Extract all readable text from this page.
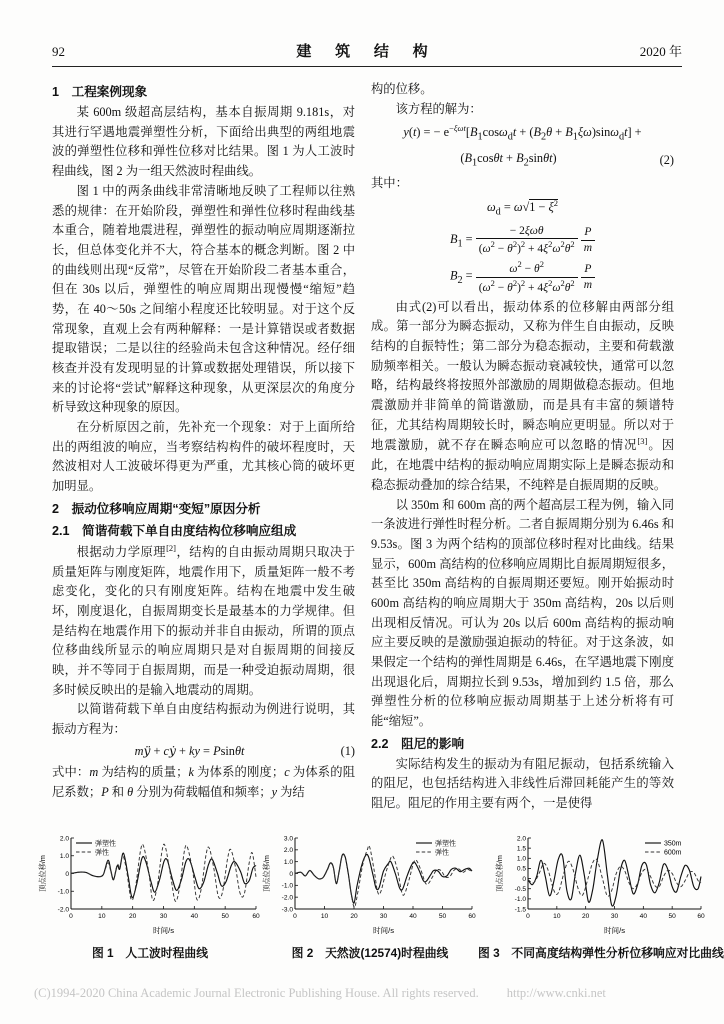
92	建 筑 结 构	2020 年
1　工程案例现象

某 600m 级超高层结构，基本自振周期 9.181s，对其进行罕遇地震弹塑性分析，下面给出典型的两组地震波的弹塑性位移和弹性位移对比结果。图 1 为人工波时程曲线，图 2 为一组天然波时程曲线。

图 1 中的两条曲线非常清晰地反映了工程师以往熟悉的规律：在开始阶段，弹塑性和弹性位移时程曲线基本重合，随着地震进程，弹塑性的振动响应周期逐渐拉长，但总体变化并不大，符合基本的概念判断。图 2 中的曲线则出现“反常”，尽管在开始阶段二者基本重合，但在 30s 以后，弹塑性的响应周期出现慢慢“缩短”趋势，在 40～50s 之间缩小程度还比较明显。对于这个反常现象，直观上会有两种解释：一是计算错误或者数据提取错误；二是以往的经验尚未包含这种情况。经仔细核查并没有发现明显的计算或数据处理错误，所以接下来的讨论将“尝试”解释这种现象，从更深层次的角度分析导致这种现象的原因。

在分析原因之前，先补充一个现象：对于上面所给出的两组波的响应，当考察结构构件的破坏程度时，天然波相对人工波破坏得更为严重，尤其核心筒的破坏更加明显。

2　振动位移响应周期“变短”原因分析
2.1　简谐荷载下单自由度结构位移响应组成

根据动力学原理[2]，结构的自由振动周期只取决于质量矩阵与刚度矩阵，地震作用下，质量矩阵一般不考虑变化，变化的只有刚度矩阵。结构在地震中发生破坏，刚度退化，自振周期变长是最基本的力学规律。但是结构在地震作用下的振动并非自由振动，所谓的顶点位移曲线所显示的响应周期只是对自振周期的间接反映，并不等同于自振周期，而是一种受迫振动周期，很多时候反映出的是输入地震动的周期。

以简谐荷载下单自由度结构振动为例进行说明，其振动方程为：

mÿ + cẏ + ky = Psinθt	(1)

式中：m 为结构的质量；k 为体系的刚度；c 为体系的阻尼系数；P 和 θ 分别为荷载幅值和频率；y 为结

构的位移。

该方程的解为：

y(t) = − $e^{-\xi\omega t}[B_1\cos\omega_dt + (B_2\theta + B_1\xi\omega)\sin\omega_dt]$ +
$(B_1\cos\theta t + B_2\sin\theta t)$	(2)

其中：

$\omega_d = \omega√1 - \xi^2$
$B_1 = \frac{\text{− 2ξωθ}}{(\omega^2 - \theta^2)^2 + 4\xi^2\omega^2\theta^2}$
$\frac{P}{m}$
$B_2 = \frac{\omega^2 - \theta^2}{(\omega^2 - \theta^2)^2 + 4\xi^2\omega^2\theta^2}$
$\frac{P}{m}$

由式(2)可以看出，振动体系的位移解由两部分组成。第一部分为瞬态振动，又称为伴生自由振动，反映结构的自振特性；第二部分为稳态振动，主要和荷载激励频率相关。一般认为瞬态振动衰减较快，通常可以忽略，结构最终将按照外部激励的周期做稳态振动。但地震激励并非简单的简谐激励，而是具有丰富的频谱特征，尤其结构周期较长时，瞬态响应更明显。所以对于地震激励，就不存在瞬态响应可以忽略的情况[3]。因此，在地震中结构的振动响应周期实际上是瞬态振动和稳态振动叠加的综合结果，不纯粹是自振周期的反映。

以 350m 和 600m 高的两个超高层工程为例，输入同一条波进行弹性时程分析。二者自振周期分别为 6.46s 和 9.53s。图 3 为两个结构的顶部位移时程对比曲线。结果显示，600m 高结构的位移响应周期比自振周期短很多，甚至比 350m 高结构的自振周期还要短。刚开始振动时 600m 高结构的响应周期大于 350m 高结构，20s 以后则出现相反情况。可认为 20s 以后 600m 高结构的振动响应主要反映的是激励强迫振动的特征。对于这条波，如果假定一个结构的弹性周期是 6.46s，在罕遇地震下刚度出现退化后，周期拉长到 9.53s，增加到约 1.5 倍，那么弹塑性分析的位移响应振动周期基于上述分析将有可能“缩短”。

2.2　阻尼的影响

实际结构发生的振动为有阻尼振动，包括系统输入的阻尼，也包括结构进入非线性后滞回耗能产生的等效阻尼。阻尼的作用主要有两个，一是使得

0	10	20	30	40	50	60
2.0
1.0
0
-1.0
-2.0
时间/s
顶点位移/m
弹塑性
弹性
图 1　人工波时程曲线
0	10	20	30	40	50	60
3.0
2.0
1.0
0
-1.0
-2.0
-3.0
时间/s
顶点位移/m
弹塑性
弹性
图 2　天然波(12574)时程曲线
0	10	20	30	40	50	60
2.0
1.5
1.0
0.5
0
-0.5
-1.0
-1.5
时间/s
顶点位移/m
350m
600m
图 3　不同高度结构弹性分析位移响应对比曲线
(C)1994-2020 China Academic Journal Electronic Publishing House. All rights reserved. http://www.cnki.net
